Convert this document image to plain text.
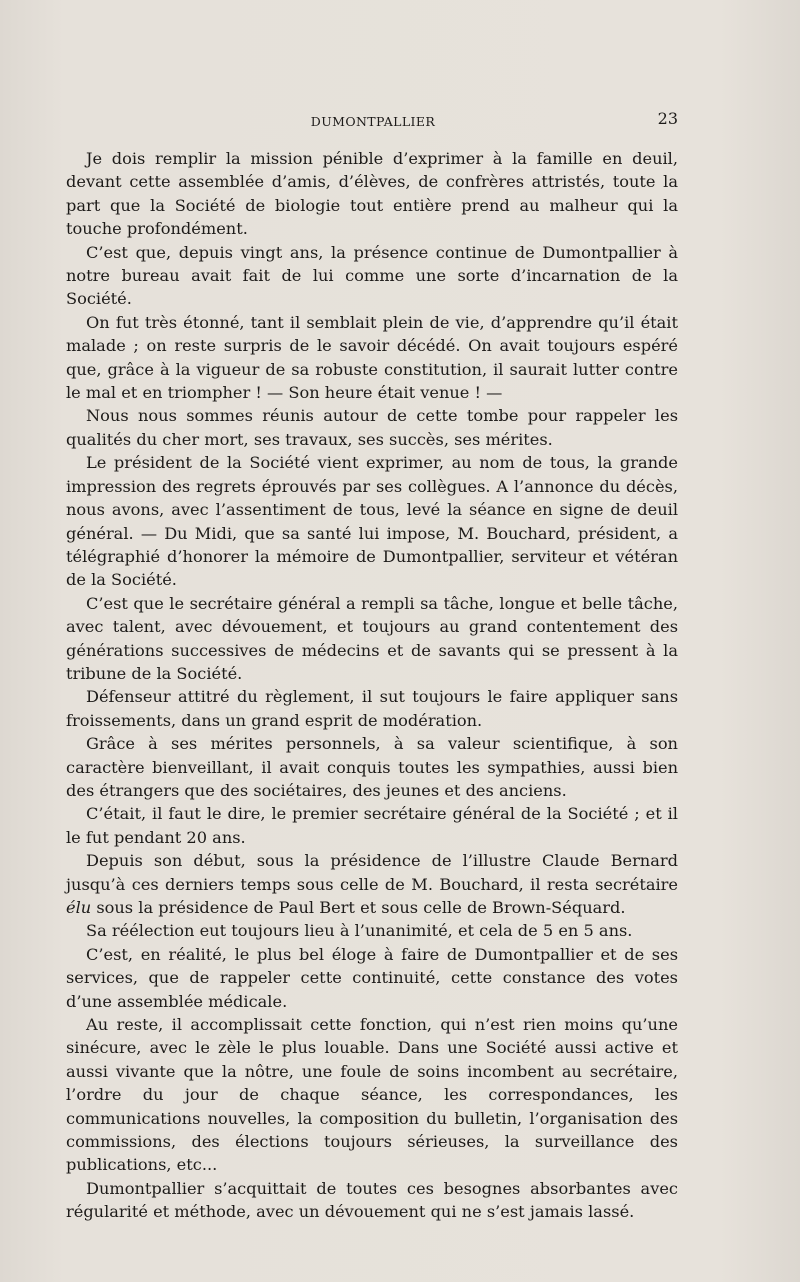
DUMONTPALLIER	23

Je dois remplir la mission pénible d’exprimer à la famille en deuil, devant cette assemblée d’amis, d’élèves, de confrères attristés, toute la part que la Société de biologie tout entière prend au malheur qui la touche profondément.

C’est que, depuis vingt ans, la présence continue de Dumontpallier à notre bureau avait fait de lui comme une sorte d’incarnation de la Société.

On fut très étonné, tant il semblait plein de vie, d’apprendre qu’il était malade ; on reste surpris de le savoir décédé. On avait toujours espéré que, grâce à la vigueur de sa robuste constitution, il saurait lutter contre le mal et en triompher ! — Son heure était venue ! —

Nous nous sommes réunis autour de cette tombe pour rappeler les qualités du cher mort, ses travaux, ses succès, ses mérites.

Le président de la Société vient exprimer, au nom de tous, la grande impression des regrets éprouvés par ses collègues. A l’annonce du décès, nous avons, avec l’assentiment de tous, levé la séance en signe de deuil général. — Du Midi, que sa santé lui impose, M. Bouchard, président, a télégraphié d’honorer la mémoire de Dumontpallier, serviteur et vétéran de la Société.

C’est que le secrétaire général a rempli sa tâche, longue et belle tâche, avec talent, avec dévouement, et toujours au grand contentement des générations successives de médecins et de savants qui se pressent à la tribune de la Société.

Défenseur attitré du règlement, il sut toujours le faire appliquer sans froissements, dans un grand esprit de modération.

Grâce à ses mérites personnels, à sa valeur scientifique, à son caractère bienveillant, il avait conquis toutes les sympathies, aussi bien des étrangers que des sociétaires, des jeunes et des anciens.

C’était, il faut le dire, le premier secrétaire général de la Société ; et il le fut pendant 20 ans.

Depuis son début, sous la présidence de l’illustre Claude Bernard jusqu’à ces derniers temps sous celle de M. Bouchard, il resta secrétaire élu sous la présidence de Paul Bert et sous celle de Brown-Séquard.

Sa réélection eut toujours lieu à l’unanimité, et cela de 5 en 5 ans.

C’est, en réalité, le plus bel éloge à faire de Dumontpallier et de ses services, que de rappeler cette continuité, cette constance des votes d’une assemblée médicale.

Au reste, il accomplissait cette fonction, qui n’est rien moins qu’une sinécure, avec le zèle le plus louable. Dans une Société aussi active et aussi vivante que la nôtre, une foule de soins incombent au secrétaire, l’ordre du jour de chaque séance, les correspondances, les communications nouvelles, la composition du bulletin, l’organisation des commissions, des élections toujours sérieuses, la surveillance des publications, etc...

Dumontpallier s’acquittait de toutes ces besognes absorbantes avec régularité et méthode, avec un dévouement qui ne s’est jamais lassé.
